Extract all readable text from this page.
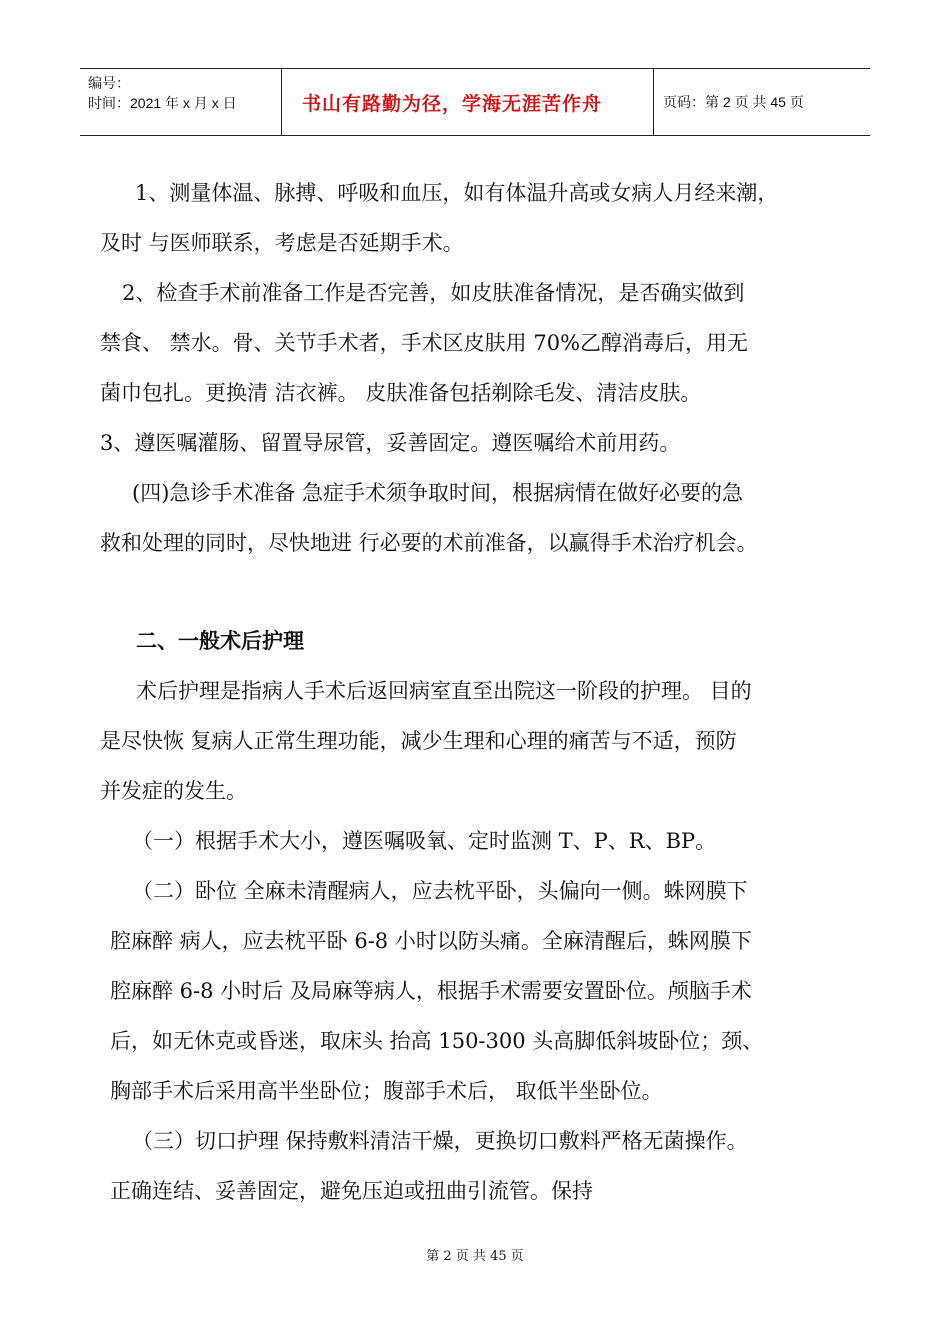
编号：
时间：2021 年 x 月 x 日	书山有路勤为径，学海无涯苦作舟	页码：第 2 页 共 45 页
1、测量体温、脉搏、呼吸和血压，如有体温升高或女病人月经来潮，
及时 与医师联系，考虑是否延期手术。
2、检查手术前准备工作是否完善，如皮肤准备情况，是否确实做到
禁食、 禁水。骨、关节手术者，手术区皮肤用 70%乙醇消毒后，用无
菌巾包扎。更换清 洁衣裤。 皮肤准备包括剃除毛发、清洁皮肤。
3、遵医嘱灌肠、留置导尿管，妥善固定。遵医嘱给术前用药。
(四)急诊手术准备 急症手术须争取时间，根据病情在做好必要的急
救和处理的同时，尽快地进 行必要的术前准备，以赢得手术治疗机会。
二、一般术后护理
术后护理是指病人手术后返回病室直至出院这一阶段的护理。 目的
是尽快恢 复病人正常生理功能，减少生理和心理的痛苦与不适，预防
并发症的发生。
（一）根据手术大小，遵医嘱吸氧、定时监测 T、P、R、BP。
（二）卧位 全麻未清醒病人，应去枕平卧，头偏向一侧。蛛网膜下
腔麻醉 病人，应去枕平卧 6-8 小时以防头痛。全麻清醒后，蛛网膜下
腔麻醉 6-8 小时后 及局麻等病人，根据手术需要安置卧位。颅脑手术
后，如无休克或昏迷，取床头 抬高 150-300 头高脚低斜坡卧位；颈、
胸部手术后采用高半坐卧位；腹部手术后， 取低半坐卧位。
（三）切口护理 保持敷料清洁干燥，更换切口敷料严格无菌操作。
正确连结、妥善固定，避免压迫或扭曲引流管。保持
第 2 页 共 45 页
